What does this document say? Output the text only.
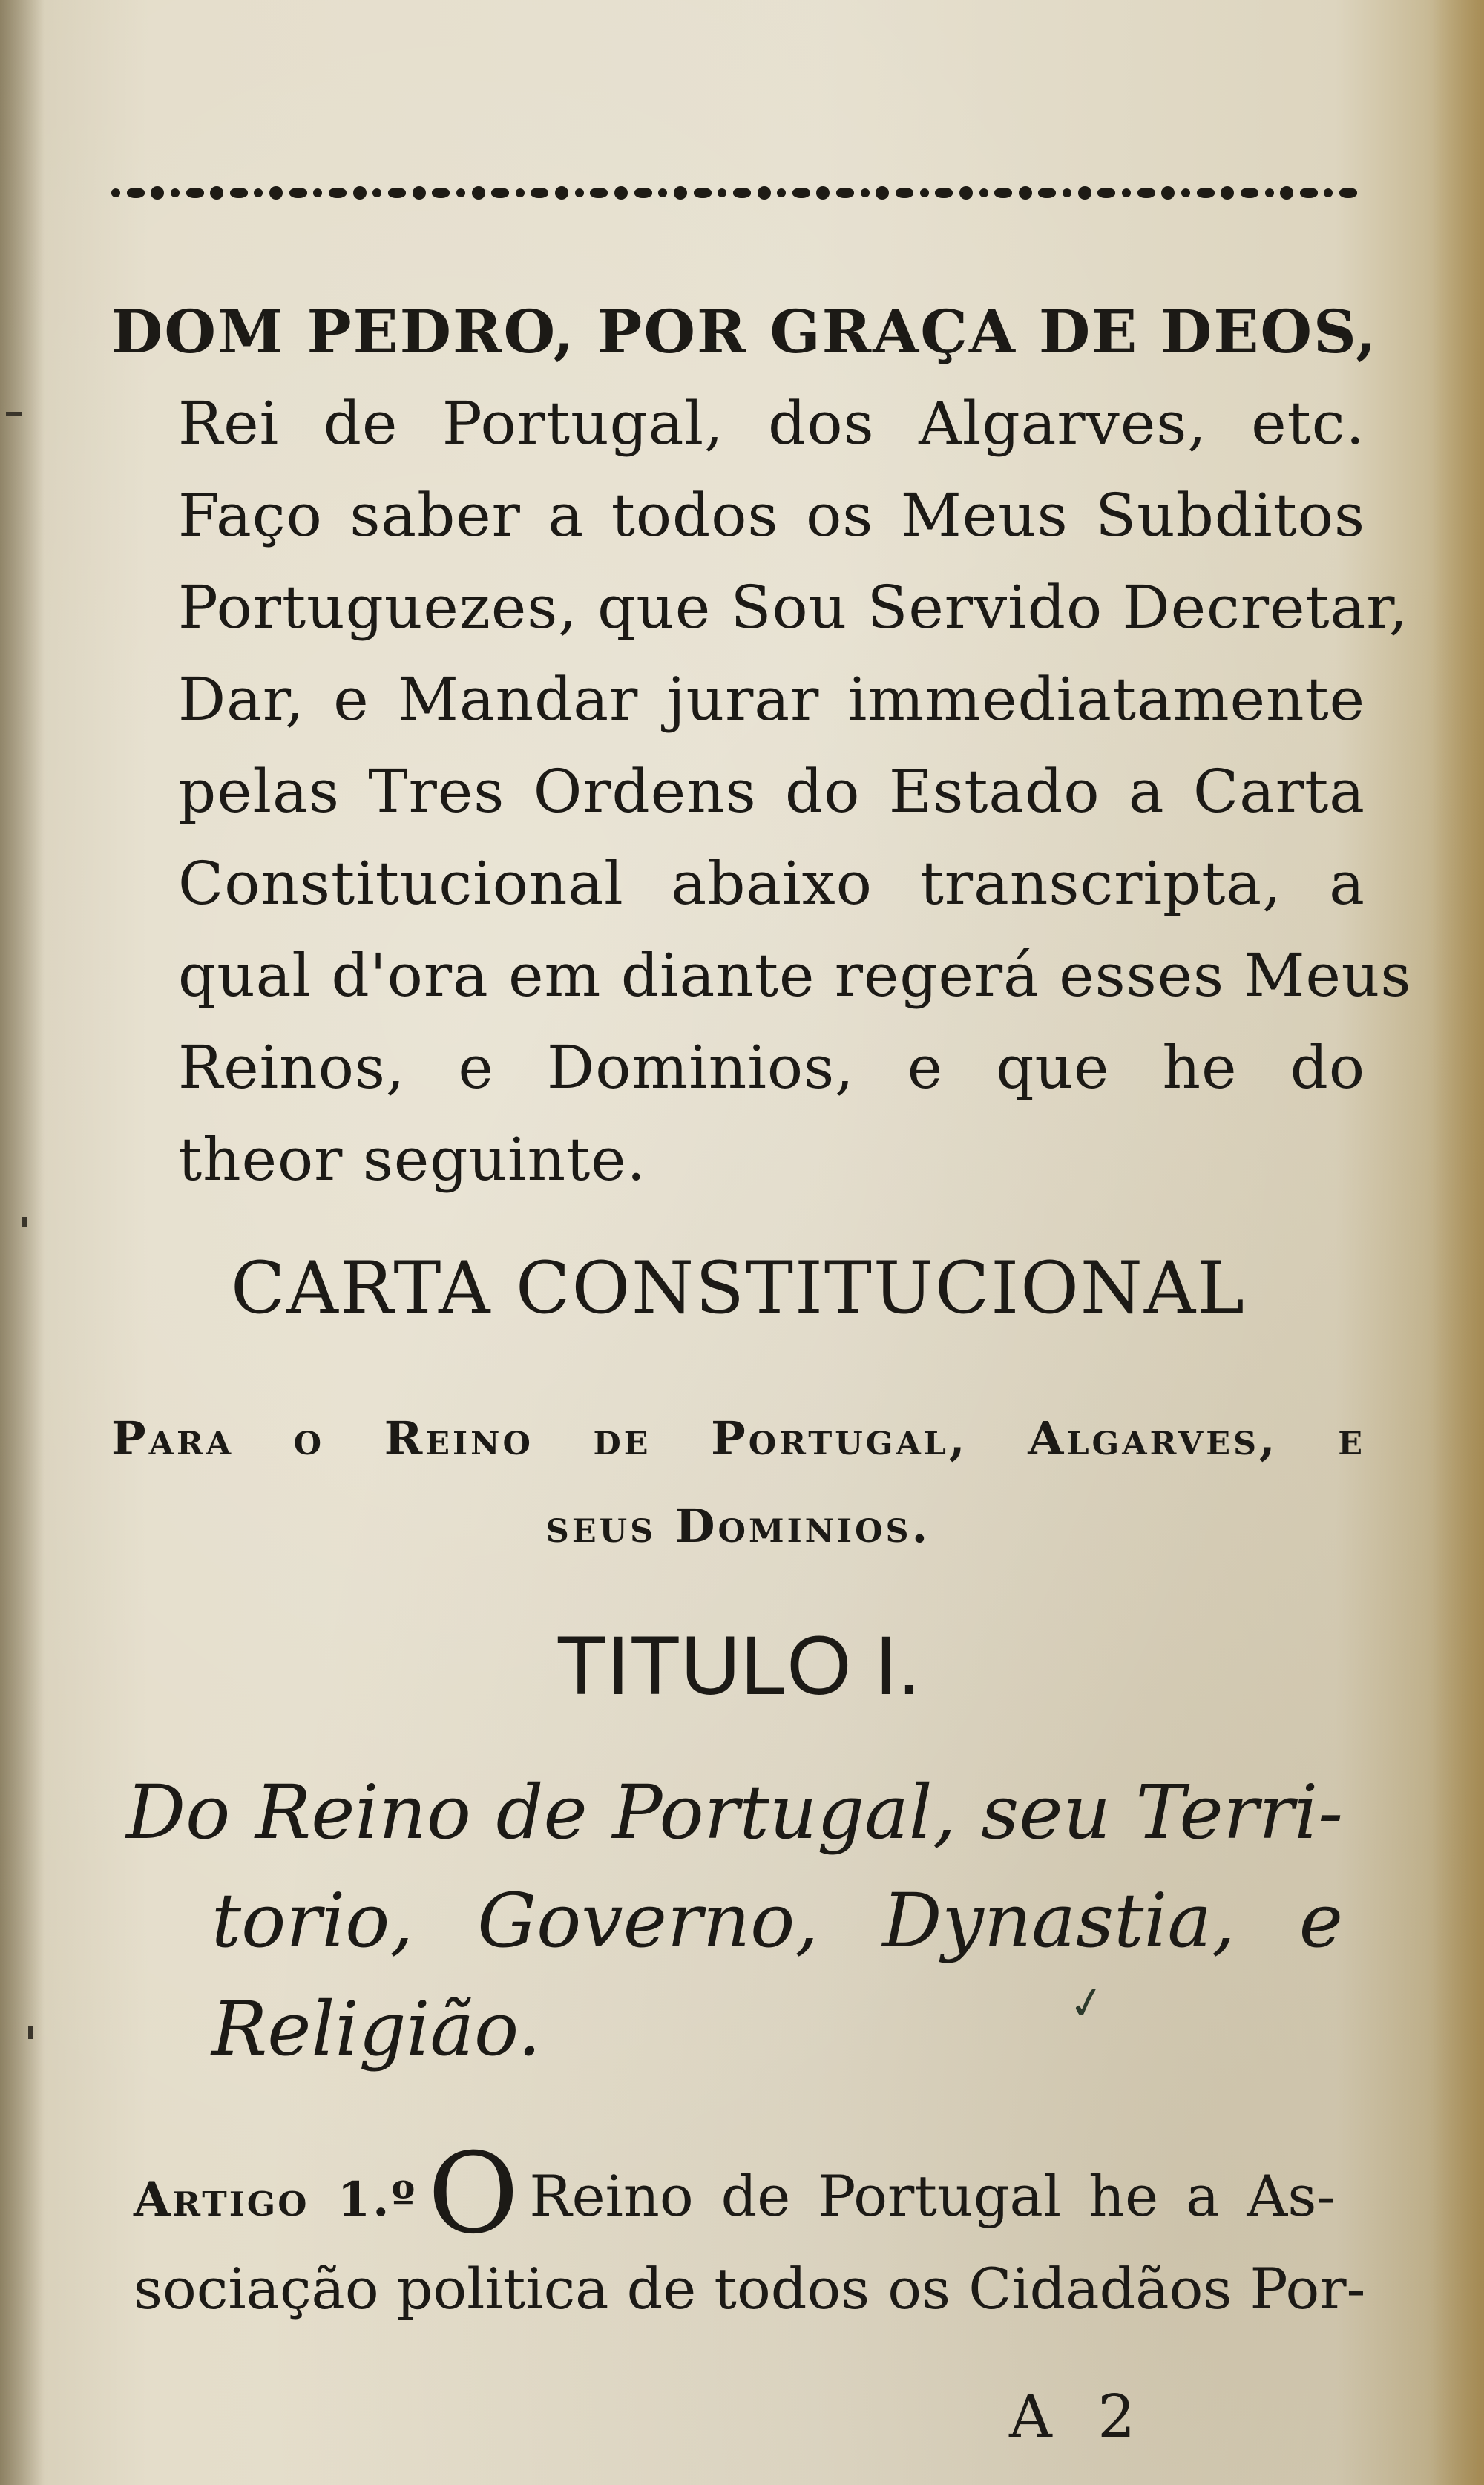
DOM PEDRO, POR GRAÇA DE DEOS,
Rei de Portugal, dos Algarves, etc.
Faço saber a todos os Meus Subditos
Portuguezes, que Sou Servido Decretar,
Dar, e Mandar jurar immediatamente
pelas Tres Ordens do Estado a Carta
Constitucional abaixo transcripta, a
qual d'ora em diante regerá esses Meus
Reinos, e Dominios, e que he do
theor seguinte.
CARTA CONSTITUCIONAL
Para o Reino de Portugal, Algarves, e
seus Dominios.
TITULO I.
Do Reino de Portugal, seu Terri-
torio, Governo, Dynastia, e
Religião.	✓
Artigo 1.ºO Reino de Portugal he a As-
sociação politica de todos os Cidadãos Por-
A 2
